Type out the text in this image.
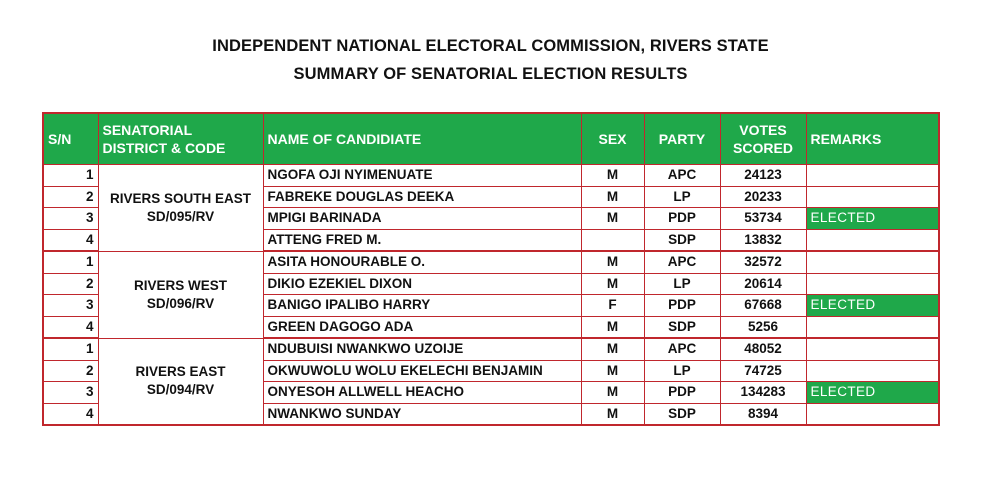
INDEPENDENT NATIONAL ELECTORAL COMMISSION, RIVERS STATE
SUMMARY OF SENATORIAL ELECTION RESULTS
S/N	SENATORIAL
DISTRICT & CODE	NAME OF CANDIDIATE	SEX	PARTY	VOTES
SCORED	REMARKS
1	RIVERS SOUTH EAST
SD/095/RV	NGOFA OJI NYIMENUATE	M	APC	24123	
2		FABREKE DOUGLAS DEEKA	M	LP	20233	
3		MPIGI BARINADA	M	PDP	53734	ELECTED
4		ATTENG FRED M.		SDP	13832	
1	RIVERS WEST
SD/096/RV	ASITA HONOURABLE O.	M	APC	32572	
2		DIKIO EZEKIEL DIXON	M	LP	20614	
3		BANIGO IPALIBO HARRY	F	PDP	67668	ELECTED
4		GREEN DAGOGO ADA	M	SDP	5256	
1	RIVERS EAST
SD/094/RV	NDUBUISI NWANKWO UZOIJE	M	APC	48052	
2		OKWUWOLU WOLU EKELECHI BENJAMIN	M	LP	74725	
3		ONYESOH ALLWELL HEACHO	M	PDP	134283	ELECTED
4		NWANKWO SUNDAY	M	SDP	8394	
